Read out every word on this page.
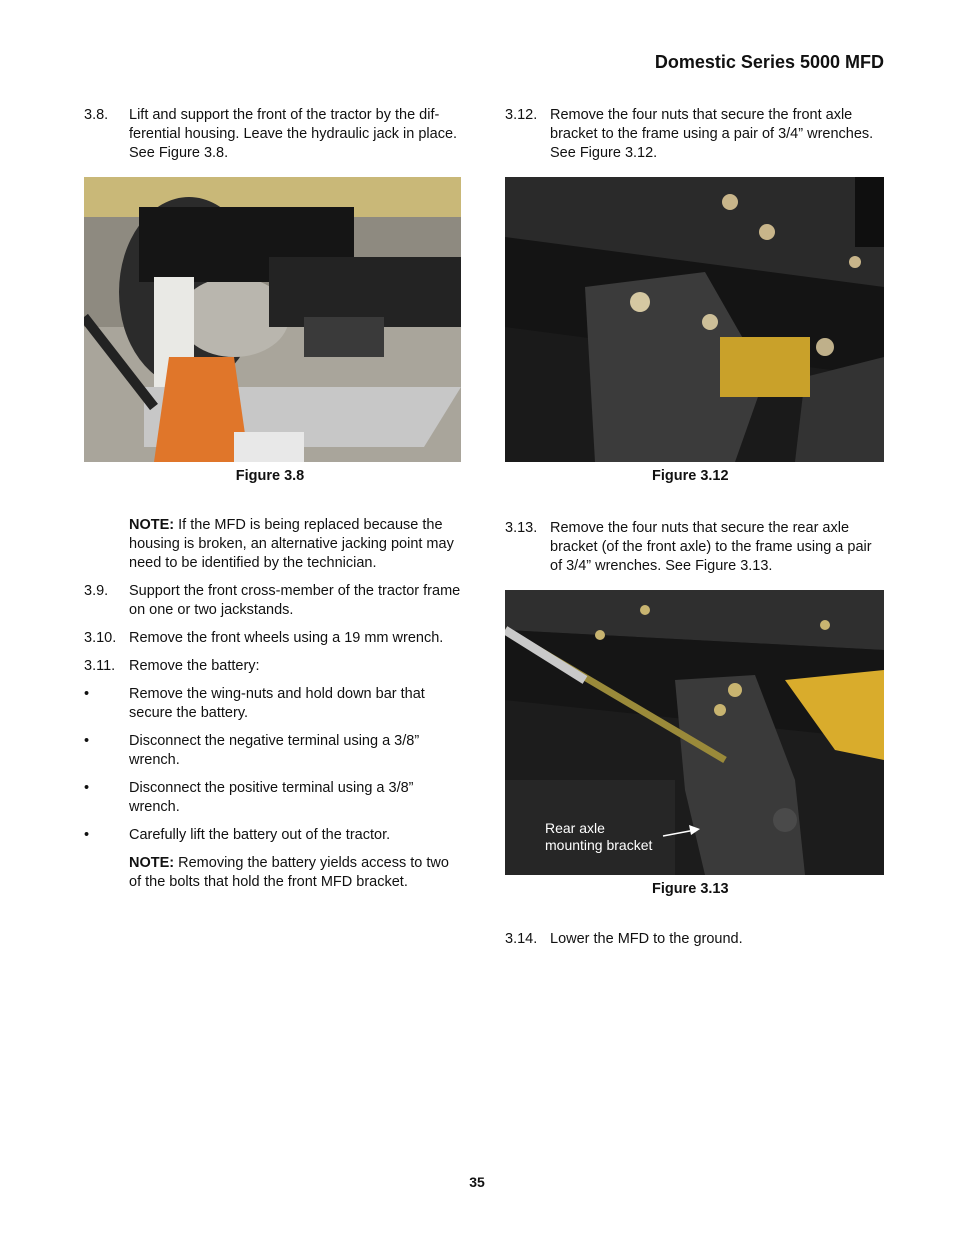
Domestic Series 5000 MFD
3.8.	Lift and support the front of the tractor by the dif-ferential housing. Leave the hydraulic jack in place. See Figure 3.8.
Figure 3.8
NOTE: If the MFD is being replaced because the housing is broken, an alternative jacking point may need to be identified by the technician.
3.9.	Support the front cross-member of the tractor frame on one or two jackstands.
3.10. Remove the front wheels using a 19 mm wrench.
3.11. Remove the battery:
•	Remove the wing-nuts and hold down bar that secure the battery.
•	Disconnect the negative terminal using a 3/8” wrench.
•	Disconnect the positive terminal using a 3/8” wrench.
•	Carefully lift the battery out of the tractor.
NOTE: Removing the battery yields access to two of the bolts that hold the front MFD bracket.
3.12. Remove the four nuts that secure the front axle bracket to the frame using a pair of 3/4” wrenches. See Figure 3.12.
Figure 3.12
3.13. Remove the four nuts that secure the rear axle bracket (of the front axle) to the frame using a pair of 3/4” wrenches. See Figure 3.13.
Rear axle
mounting bracket
Figure 3.13
3.14. Lower the MFD to the ground.
35
